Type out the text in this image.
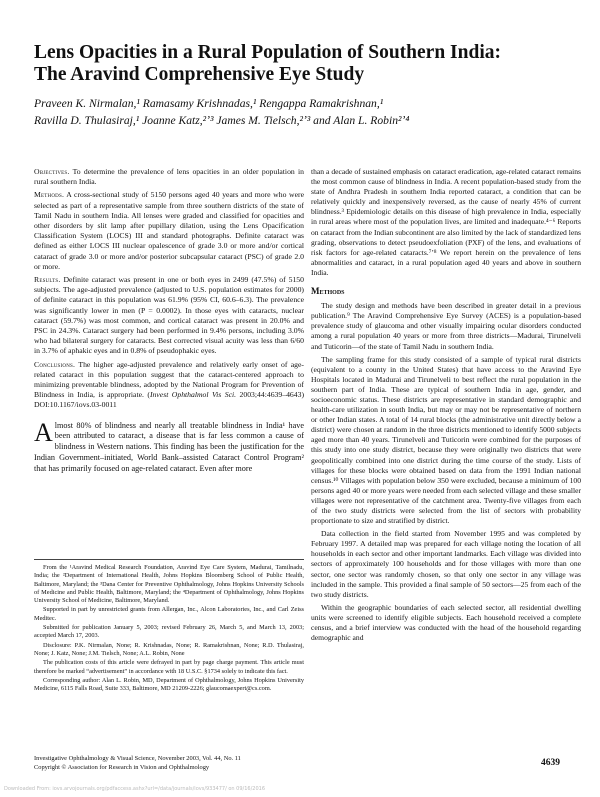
Lens Opacities in a Rural Population of Southern India:
The Aravind Comprehensive Eye Study
Praveen K. Nirmalan,¹ Ramasamy Krishnadas,¹ Rengappa Ramakrishnan,¹
Ravilla D. Thulasiraj,¹ Joanne Katz,²ʼ³ James M. Tielsch,²ʼ³ and Alan L. Robin²ʼ⁴

Objectives. To determine the prevalence of lens opacities in an older population in rural southern India.

Methods. A cross-sectional study of 5150 persons aged 40 years and more who were selected as part of a representative sample from three southern districts of the state of Tamil Nadu in southern India. All lenses were graded and classified for opacities and other disorders by slit lamp after pupillary dilation, using the Lens Opacification Classification System (LOCS) III and standard photographs. Definite cataract was defined as either LOCS III nuclear opalescence of grade 3.0 or more and/or cortical cataract of grade 3.0 or more and/or posterior subcapsular cataract (PSC) of grade 2.0 or more.

Results. Definite cataract was present in one or both eyes in 2499 (47.5%) of 5150 subjects. The age-adjusted prevalence (adjusted to U.S. population estimates for 2000) of definite cataract in this population was 61.9% (95% CI, 60.6–6.3). The prevalence was significantly lower in men (P = 0.0002). In those eyes with cataracts, nuclear cataract (59.7%) was most common, and cortical cataract was present in 20.0% and PSC in 24.3%. Cataract surgery had been performed in 9.4% persons, including 3.0% who had bilateral surgery for cataracts. Best corrected visual acuity was less than 6/60 in 3.7% of aphakic eyes and in 0.8% of pseudophakic eyes.

Conclusions. The higher age-adjusted prevalence and relatively early onset of age-related cataract in this population suggest that the cataract-centered approach to minimizing preventable blindness, adopted by the National Program for Prevention of Blindness in India, is appropriate. (Invest Ophthalmol Vis Sci. 2003;44:4639–4643) DOI:10.1167/iovs.03-0011

Almost 80% of blindness and nearly all treatable blindness in India¹ have been attributed to cataract, a disease that is far less common a cause of blindness in Western nations. This finding has been the justification for the Indian Government–initiated, World Bank–assisted Cataract Control Program² that has primarily focused on age-related cataract. Even after more

From the ¹Aravind Medical Research Foundation, Aravind Eye Care System, Madurai, Tamilnadu, India; the ²Department of International Health, Johns Hopkins Bloomberg School of Public Health, Baltimore, Maryland; the ³Dana Center for Preventive Ophthalmology, Johns Hopkins University Schools of Medicine and Public Health, Baltimore, Maryland; the ⁴Department of Ophthalmology, Johns Hopkins University School of Medicine, Baltimore, Maryland.

Supported in part by unrestricted grants from Allergan, Inc., Alcon Laboratories, Inc., and Carl Zeiss Meditec.

Submitted for publication January 5, 2003; revised February 26, March 5, and March 13, 2003; accepted March 17, 2003.

Disclosure: P.K. Nirmalan, None; R. Krishnadas, None; R. Ramakrishnan, None; R.D. Thulasiraj, None; J. Katz, None; J.M. Tielsch, None; A.L. Robin, None

The publication costs of this article were defrayed in part by page charge payment. This article must therefore be marked “advertisement” in accordance with 18 U.S.C. §1734 solely to indicate this fact.

Corresponding author: Alan L. Robin, MD, Department of Ophthalmology, Johns Hopkins University Medicine, 6115 Falls Road, Suite 333, Baltimore, MD 21209-2226; glaucomaexpert@cs.com.

than a decade of sustained emphasis on cataract eradication, age-related cataract remains the most common cause of blindness in India. A recent population-based study from the state of Andhra Pradesh in southern India reported cataract, a condition that can be relatively quickly and inexpensively reversed, as the cause of nearly 45% of current blindness.³ Epidemiologic details on this disease of high prevalence in India, especially in rural areas where most of the population lives, are limited and inadequate.⁴⁻⁶ Reports on cataract from the Indian subcontinent are also limited by the lack of standardized lens grading, observations to detect pseudoexfoliation (PXF) of the lens, and evaluations of risk factors for age-related cataracts.⁷ʼ⁸ We report herein on the prevalence of lens abnormalities and cataract, in a rural population aged 40 years and above in southern India.

Methods

The study design and methods have been described in greater detail in a previous publication.⁹ The Aravind Comprehensive Eye Survey (ACES) is a population-based prevalence study of glaucoma and other visually impairing ocular disorders conducted among a rural population 40 years or more from three districts—Madurai, Tirunelveli and Tuticorin—of the state of Tamil Nadu in southern India.

The sampling frame for this study consisted of a sample of typical rural districts (equivalent to a county in the United States) that have access to the Aravind Eye Hospitals located in Madurai and Tirunelveli to best reflect the rural population in the southern part of India. These are typical of southern India in age, gender, and socioeconomic status. These districts are representative in standard demographic and health-care utilization in south India, but may or may not be representative of northern or other Indian states. A total of 14 rural blocks (the administrative unit directly below a district) were chosen at random in the three districts mentioned to identify 5000 subjects aged more than 40 years. Tirunelveli and Tuticorin were combined for the purposes of this study into one study district, because they were originally two districts that were geopolitically combined into one district during the time course of the study. Lists of villages for these blocks were obtained based on data from the 1991 Indian national census.¹⁰ Villages with population below 350 were excluded, because a minimum of 100 persons aged 40 or more years were needed from each selected village and these smaller villages were not representative of the catchment area. Twenty-five villages from each of the two study districts were selected from the list of sectors with probability proportionate to size and stratified by district.

Data collection in the field started from November 1995 and was completed by February 1997. A detailed map was prepared for each village noting the location of all households in each sector and other important landmarks. Each village was divided into sectors of approximately 100 households and for those villages with more than one sector, one sector was randomly chosen, so that only one sector in any village was included in the sample. This provided a final sample of 50 sectors—25 from each of the two study districts.

Within the geographic boundaries of each selected sector, all residential dwelling units were screened to identify eligible subjects. Each household received a complete census, and a brief interview was conducted with the head of the household regarding demographic and

Investigative Ophthalmology & Visual Science, November 2003, Vol. 44, No. 11
Copyright © Association for Research in Vision and Ophthalmology	4639
Downloaded From: iovs.arvojournals.org/pdfaccess.ashx?url=/data/journals/iovs/933477/ on 09/16/2016
